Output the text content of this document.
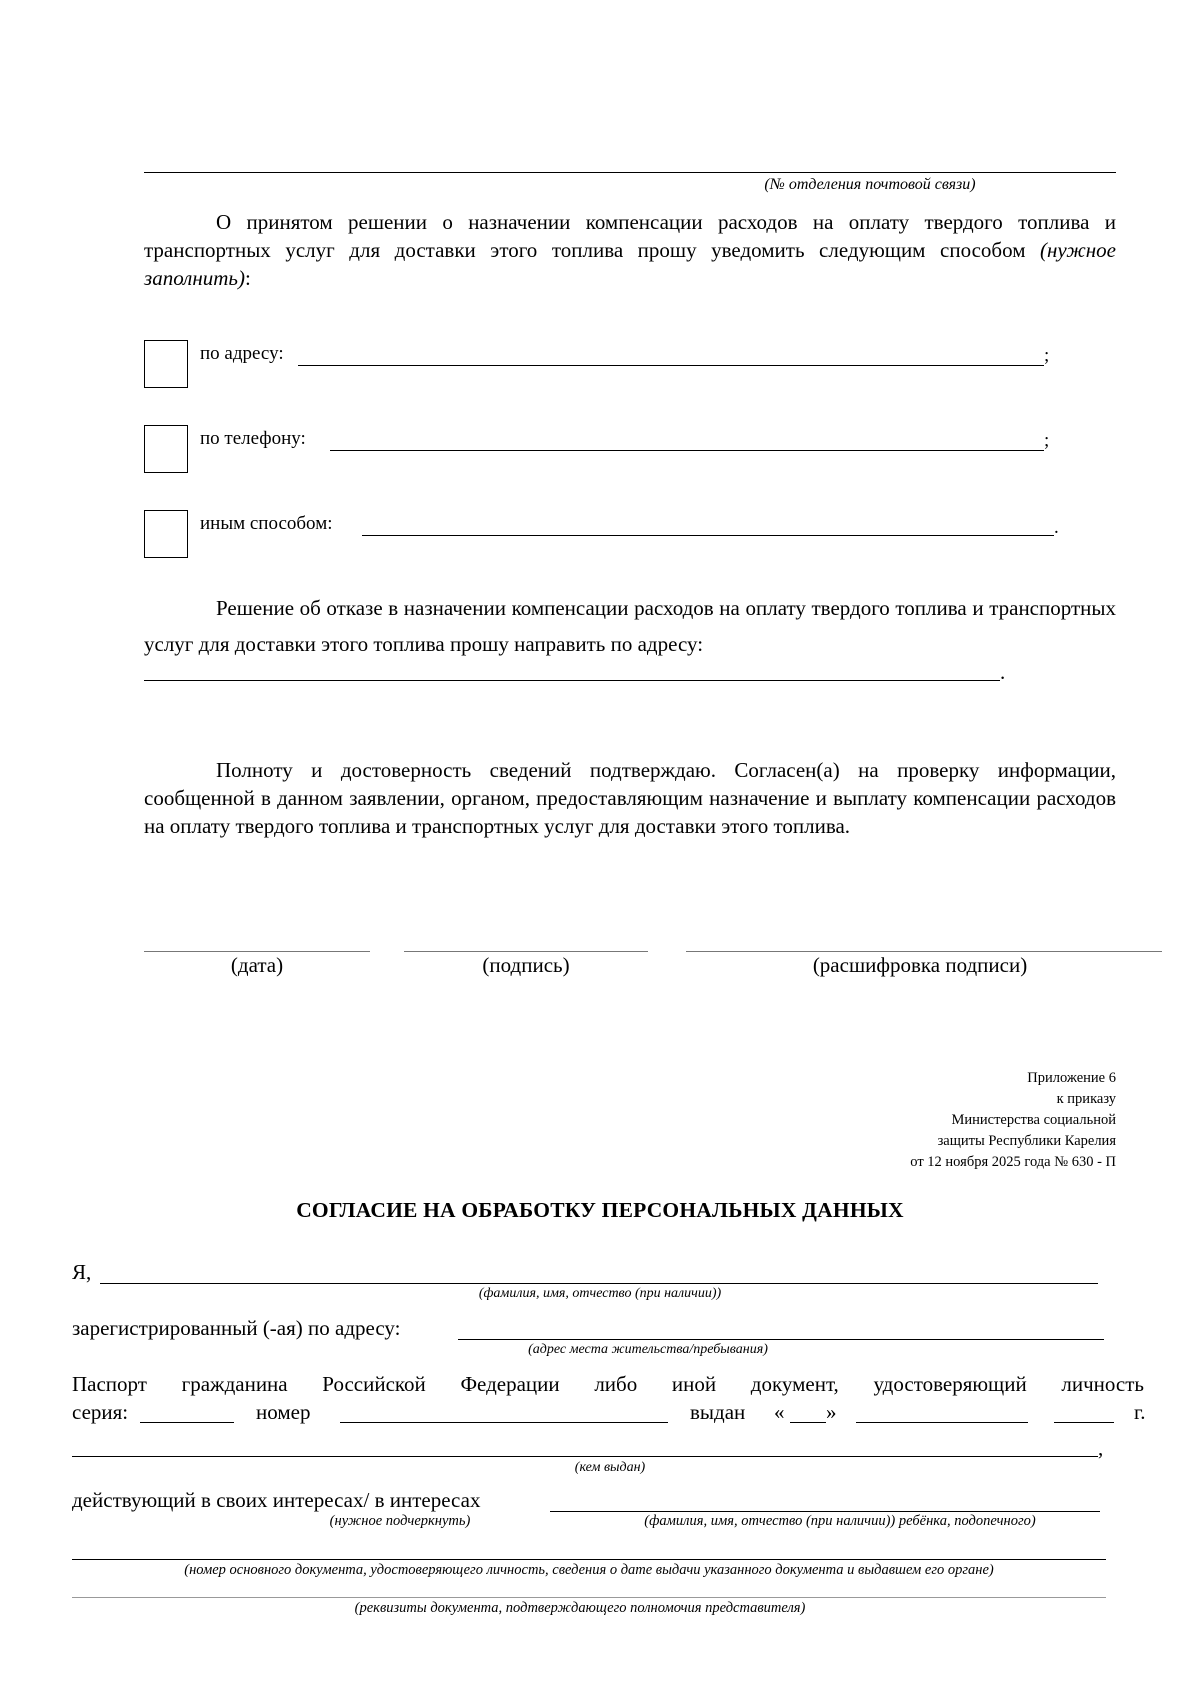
(№ отделения почтовой связи)
О принятом решении о назначении компенсации расходов на оплату твердого топлива и транспортных услуг для доставки этого топлива прошу уведомить следующим способом (нужное заполнить):
по адресу:	;
по телефону:	;
иным способом:	.
Решение об отказе в назначении компенсации расходов на оплату твердого топлива и транспортных услуг для доставки этого топлива прошу направить по адресу:
.
Полноту и достоверность сведений подтверждаю. Согласен(а) на проверку информации, сообщенной в данном заявлении, органом, предоставляющим назначение и выплату компенсации расходов на оплату твердого топлива и транспортных услуг для доставки этого топлива.
(дата)	(подпись)	(расшифровка подписи)
Приложение 6
к приказу
Министерства социальной
защиты Республики Карелия
от 12 ноября 2025 года № 630 - П
СОГЛАСИЕ НА ОБРАБОТКУ ПЕРСОНАЛЬНЫХ ДАННЫХ
Я,
(фамилия, имя, отчество (при наличии))
зарегистрированный (-ая) по адресу:
(адрес места жительства/пребывания)
Паспорт гражданина Российской Федерации либо иной документ, удостоверяющий личность
серия:	номер	выдан « »	г.
,
(кем выдан)
действующий в своих интересах/ в интересах
(нужное подчеркнуть)	(фамилия, имя, отчество (при наличии)) ребёнка, подопечного)
(номер основного документа, удостоверяющего личность, сведения о дате выдачи указанного документа и выдавшем его органе)
(реквизиты документа, подтверждающего полномочия представителя)
